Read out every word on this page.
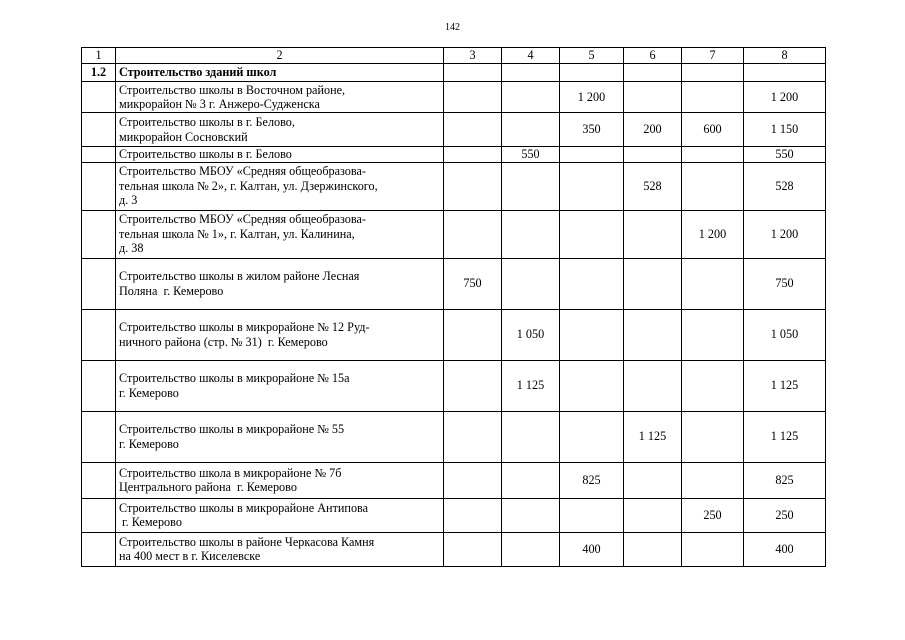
142
1	2	3	4	5	6	7	8
1.2	Строительство зданий школ						

	Строительство школы в Восточном районе,
микрорайон № 3 г. Анжеро-Судженска			1 200			1 200

	Строительство школы в г. Белово,
микрорайон Сосновский			350	200	600	1 150

	Строительство школы в г. Белово		550				550

	Строительство МБОУ «Средняя общеобразова-
тельная школа № 2», г. Калтан, ул. Дзержинского,
д. 3				528		528

	Строительство МБОУ «Средняя общеобразова-
тельная школа № 1», г. Калтан, ул. Калинина,
д. 38					1 200	1 200

	Строительство школы в жилом районе Лесная
Поляна  г. Кемерово	750					750

	Строительство школы в микрорайоне № 12 Руд-
ничного района (стр. № 31)  г. Кемерово		1 050				1 050

	Строительство школы в микрорайоне № 15а
г. Кемерово		1 125				1 125

	Строительство школы в микрорайоне № 55
г. Кемерово				1 125		1 125

	Строительство школа в микрорайоне № 7б
Центрального района  г. Кемерово			825			825

	Строительство школы в микрорайоне Антипова
г. Кемерово					250	250

	Строительство школы в районе Черкасова Камня
на 400 мест в г. Киселевске			400			400
